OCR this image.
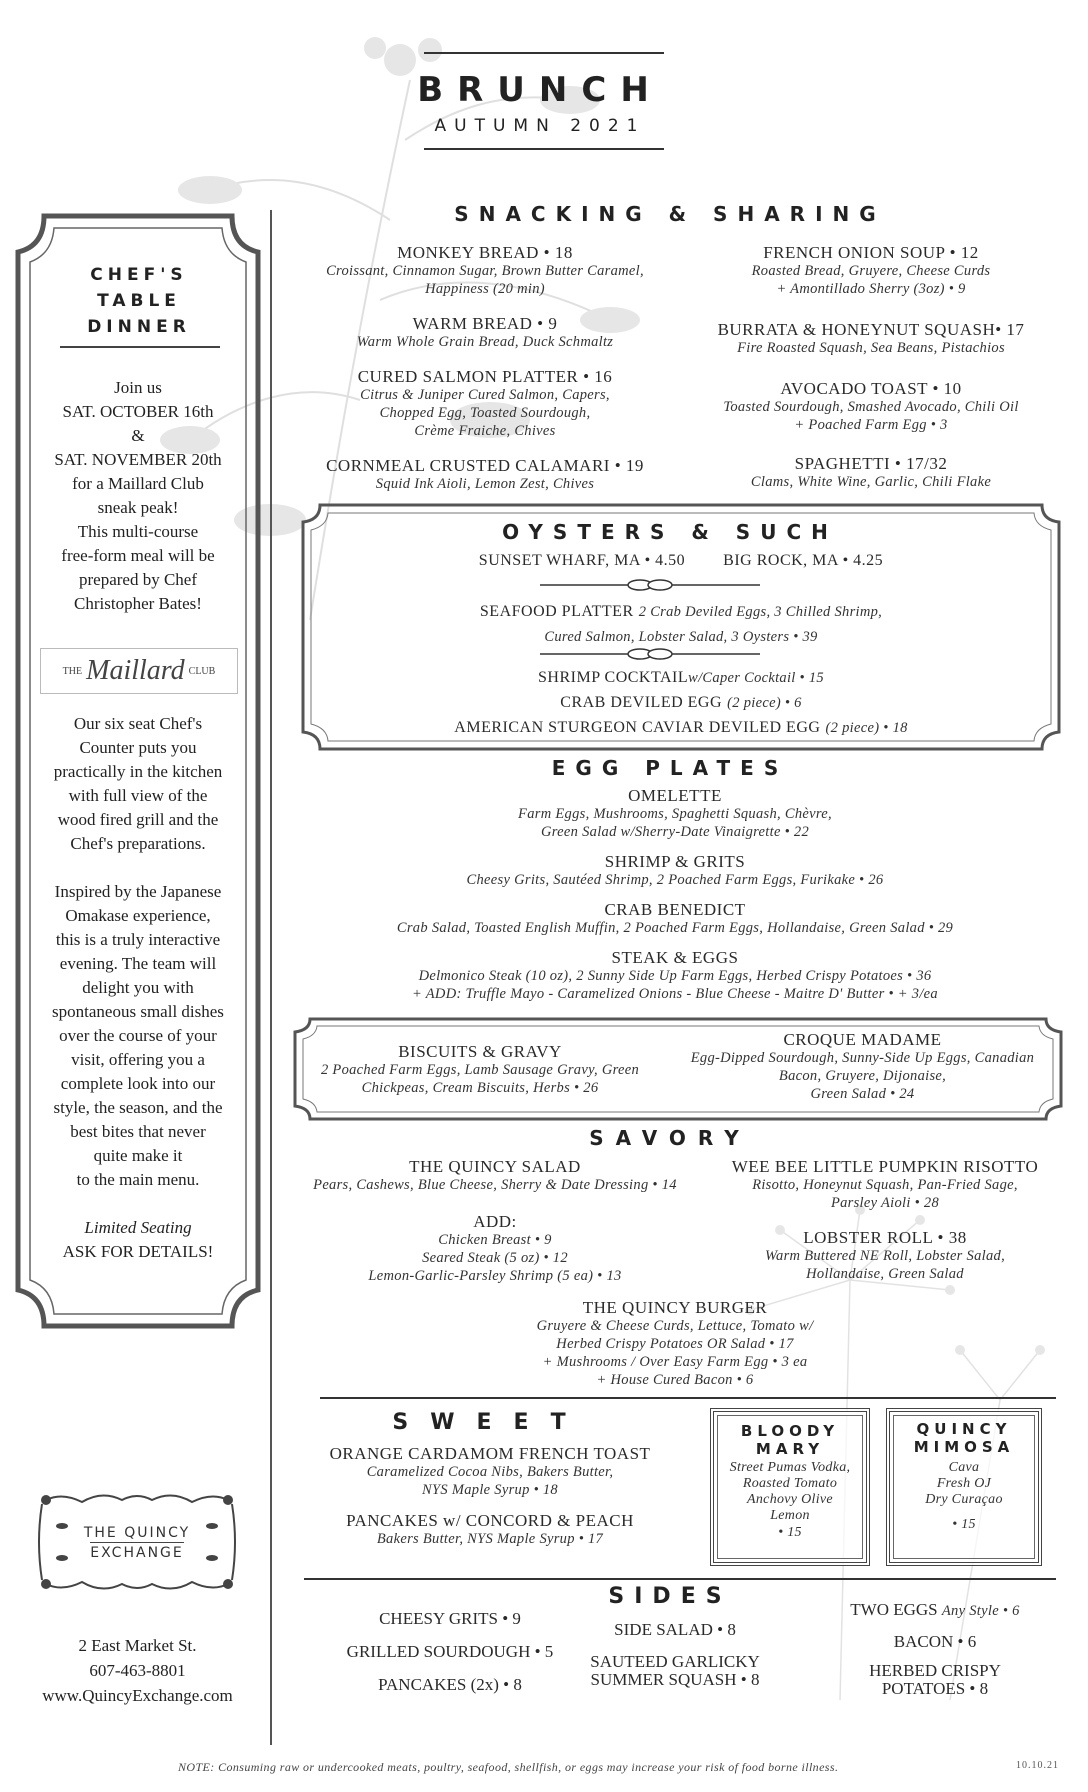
BRUNCH
AUTUMN 2021
CHEF'S TABLE DINNER
Join us
SAT. OCTOBER 16th
&
SAT. NOVEMBER 20th
for a Maillard Club
sneak peak!
This multi-course
free-form meal will be
prepared by Chef
Christopher Bates!
THE Maillard CLUB
Our six seat Chef's
Counter puts you
practically in the kitchen
with full view of the
wood fired grill and the
Chef's preparations.
Inspired by the Japanese
Omakase experience,
this is a truly interactive
evening. The team will
delight you with
spontaneous small dishes
over the course of your
visit, offering you a
complete look into our
style, the season, and the
best bites that never
quite make it
to the main menu.
Limited Seating
ASK FOR DETAILS!
THE QUINCY
EXCHANGE
2 East Market St.
607-463-8801
www.QuincyExchange.com
SNACKING & SHARING
MONKEY BREAD • 18
Croissant, Cinnamon Sugar, Brown Butter Caramel,
Happiness (20 min)
WARM BREAD • 9
Warm Whole Grain Bread, Duck Schmaltz
CURED SALMON PLATTER • 16
Citrus & Juniper Cured Salmon, Capers,
Chopped Egg, Toasted Sourdough,
Crème Fraiche, Chives
CORNMEAL CRUSTED CALAMARI • 19
Squid Ink Aioli, Lemon Zest, Chives
FRENCH ONION SOUP • 12
Roasted Bread, Gruyere, Cheese Curds
+ Amontillado Sherry (3oz) • 9
BURRATA & HONEYNUT SQUASH• 17
Fire Roasted Squash, Sea Beans, Pistachios
AVOCADO TOAST • 10
Toasted Sourdough, Smashed Avocado, Chili Oil
+ Poached Farm Egg • 3
SPAGHETTI • 17/32
Clams, White Wine, Garlic, Chili Flake
OYSTERS & SUCH
SUNSET WHARF, MA • 4.50 BIG ROCK, MA • 4.25
SEAFOOD PLATTER 2 Crab Deviled Eggs, 3 Chilled Shrimp,
Cured Salmon, Lobster Salad, 3 Oysters • 39
SHRIMP COCKTAILw/Caper Cocktail • 15
CRAB DEVILED EGG (2 piece) • 6
AMERICAN STURGEON CAVIAR DEVILED EGG (2 piece) • 18
EGG PLATES
OMELETTE
Farm Eggs, Mushrooms, Spaghetti Squash, Chèvre,
Green Salad w/Sherry-Date Vinaigrette • 22
SHRIMP & GRITS
Cheesy Grits, Sautéed Shrimp, 2 Poached Farm Eggs, Furikake • 26
CRAB BENEDICT
Crab Salad, Toasted English Muffin, 2 Poached Farm Eggs, Hollandaise, Green Salad • 29
STEAK & EGGS
Delmonico Steak (10 oz), 2 Sunny Side Up Farm Eggs, Herbed Crispy Potatoes • 36
+ ADD: Truffle Mayo - Caramelized Onions - Blue Cheese - Maitre D' Butter • + 3/ea
BISCUITS & GRAVY
2 Poached Farm Eggs, Lamb Sausage Gravy, Green
Chickpeas, Cream Biscuits, Herbs • 26
CROQUE MADAME
Egg-Dipped Sourdough, Sunny-Side Up Eggs, Canadian
Bacon, Gruyere, Dijonaise,
Green Salad • 24
SAVORY
THE QUINCY SALAD
Pears, Cashews, Blue Cheese, Sherry & Date Dressing • 14
ADD:
Chicken Breast • 9
Seared Steak (5 oz) • 12
Lemon-Garlic-Parsley Shrimp (5 ea) • 13
WEE BEE LITTLE PUMPKIN RISOTTO
Risotto, Honeynut Squash, Pan-Fried Sage,
Parsley Aioli • 28
LOBSTER ROLL • 38
Warm Buttered NE Roll, Lobster Salad,
Hollandaise, Green Salad
THE QUINCY BURGER
Gruyere & Cheese Curds, Lettuce, Tomato w/
Herbed Crispy Potatoes OR Salad • 17
+ Mushrooms / Over Easy Farm Egg • 3 ea
+ House Cured Bacon • 6
SWEET
ORANGE CARDAMOM FRENCH TOAST
Caramelized Cocoa Nibs, Bakers Butter,
NYS Maple Syrup • 18
PANCAKES w/ CONCORD & PEACH
Bakers Butter, NYS Maple Syrup • 17
BLOODY
MARY
Street Pumas Vodka,
Roasted Tomato
Anchovy Olive
Lemon
• 15
QUINCY
MIMOSA
Cava
Fresh OJ
Dry Curaçao
• 15
SIDES
CHEESY GRITS • 9
GRILLED SOURDOUGH • 5
PANCAKES (2x) • 8
SIDE SALAD • 8
SAUTEED GARLICKY
SUMMER SQUASH • 8
TWO EGGS Any Style • 6
BACON • 6
HERBED CRISPY
POTATOES • 8
NOTE: Consuming raw or undercooked meats, poultry, seafood, shellfish, or eggs may increase your risk of food borne illness.	10.10.21
